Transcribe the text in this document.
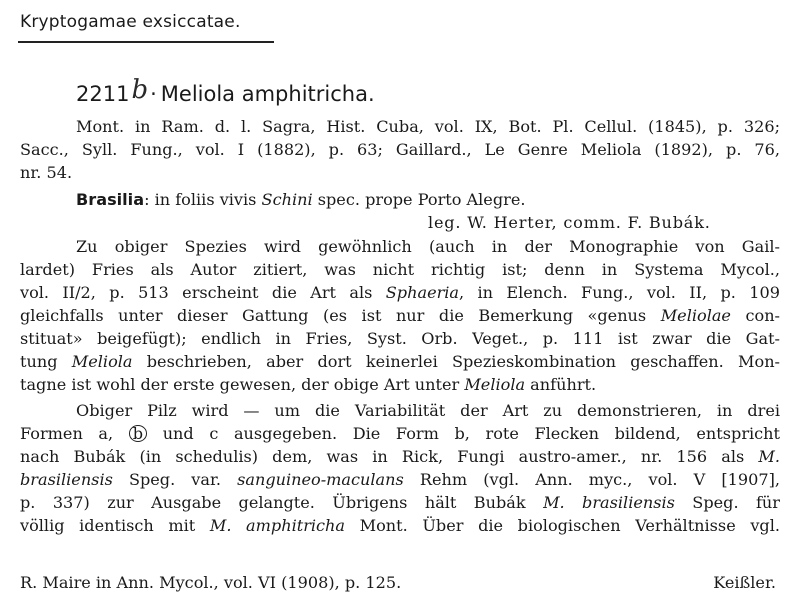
Kryptogamae exsiccatae.
2211b· Meliola amphitricha.
Mont. in Ram. d. l. Sagra, Hist. Cuba, vol. IX, Bot. Pl. Cellul. (1845), p. 326;
Sacc., Syll. Fung., vol. I (1882), p. 63; Gaillard., Le Genre Meliola (1892), p. 76,
nr. 54.
Brasilia: in foliis vivis Schini spec. prope Porto Alegre.
leg. W. Herter, comm. F. Bubák.
Zu obiger Spezies wird gewöhnlich (auch in der Monographie von Gail-
lardet) Fries als Autor zitiert, was nicht richtig ist; denn in Systema Mycol.,
vol. II/2, p. 513 erscheint die Art als Sphaeria, in Elench. Fung., vol. II, p. 109
gleichfalls unter dieser Gattung (es ist nur die Bemerkung «genus Meliolae con-
stituat» beigefügt); endlich in Fries, Syst. Orb. Veget., p. 111 ist zwar die Gat-
tung Meliola beschrieben, aber dort keinerlei Spezieskombination geschaffen. Mon-
tagne ist wohl der erste gewesen, der obige Art unter Meliola anführt.
Obiger Pilz wird — um die Variabilität der Art zu demonstrieren, in drei
Formen a, b und c ausgegeben. Die Form b, rote Flecken bildend, entspricht
nach Bubák (in schedulis) dem, was in Rick, Fungi austro-amer., nr. 156 als M.
brasiliensis Speg. var. sanguineo-maculans Rehm (vgl. Ann. myc., vol. V [1907],
p. 337) zur Ausgabe gelangte. Übrigens hält Bubák M. brasiliensis Speg. für
völlig identisch mit M. amphitricha Mont. Über die biologischen Verhältnisse vgl.
R. Maire in Ann. Mycol., vol. VI (1908), p. 125.	Keißler.
